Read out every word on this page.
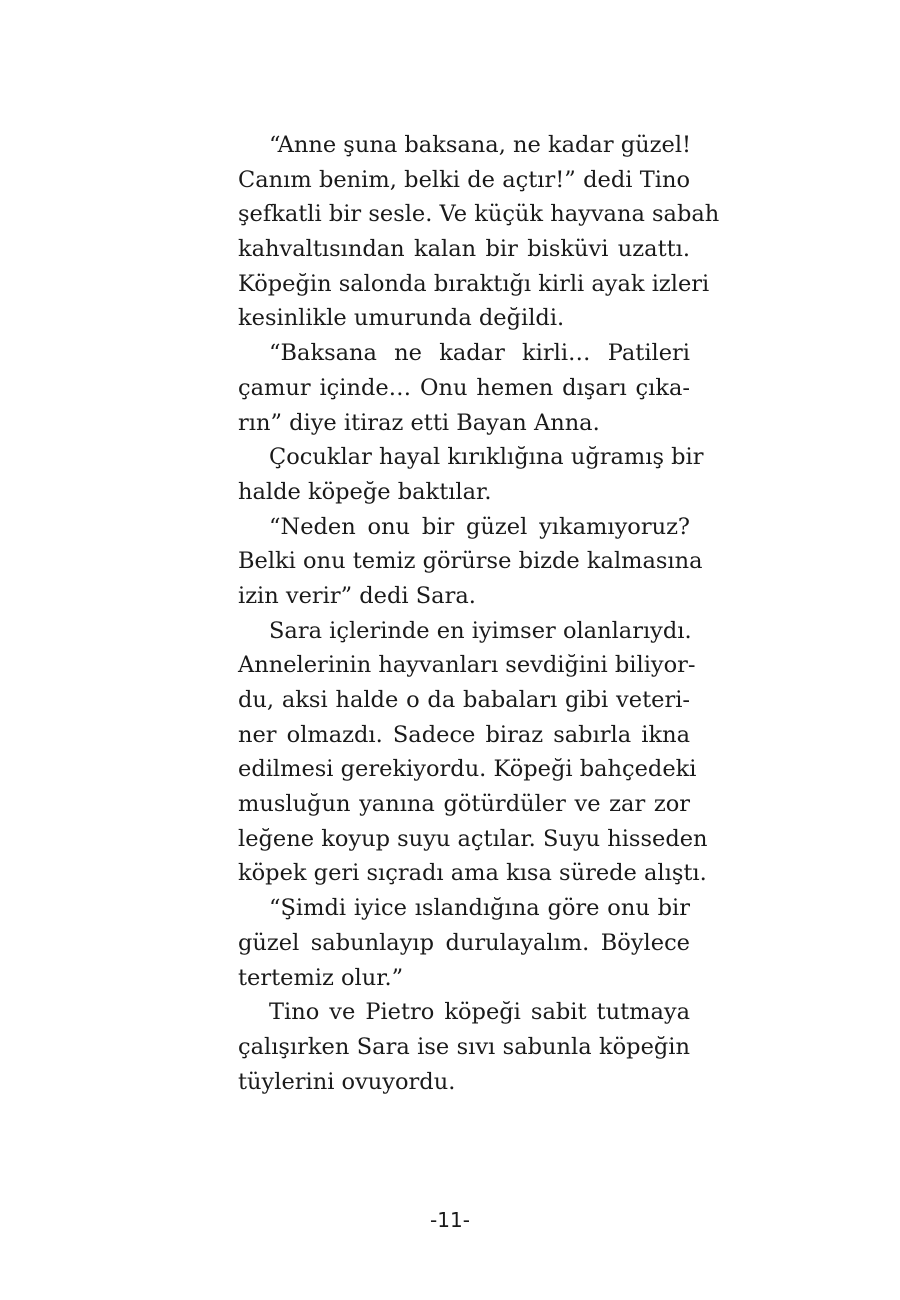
“Anne şuna baksana, ne kadar güzel!
Canım benim, belki de açtır!” dedi Tino
şefkatli bir sesle. Ve küçük hayvana sabah
kahvaltısından kalan bir bisküvi uzattı.
Köpeğin salonda bıraktığı kirli ayak izleri
kesinlikle umurunda değildi.
“Baksana ne kadar kirli… Patileri
çamur içinde… Onu hemen dışarı çıka-
rın” diye itiraz etti Bayan Anna.
Çocuklar hayal kırıklığına uğramış bir
halde köpeğe baktılar.
“Neden onu bir güzel yıkamıyoruz?
Belki onu temiz görürse bizde kalmasına
izin verir” dedi Sara.
Sara içlerinde en iyimser olanlarıydı.
Annelerinin hayvanları sevdiğini biliyor-
du, aksi halde o da babaları gibi veteri-
ner olmazdı. Sadece biraz sabırla ikna
edilmesi gerekiyordu. Köpeği bahçedeki
musluğun yanına götürdüler ve zar zor
leğene koyup suyu açtılar. Suyu hisseden
köpek geri sıçradı ama kısa sürede alıştı.
“Şimdi iyice ıslandığına göre onu bir
güzel sabunlayıp durulayalım. Böylece
tertemiz olur.”
Tino ve Pietro köpeği sabit tutmaya
çalışırken Sara ise sıvı sabunla köpeğin
tüylerini ovuyordu.
-11-
